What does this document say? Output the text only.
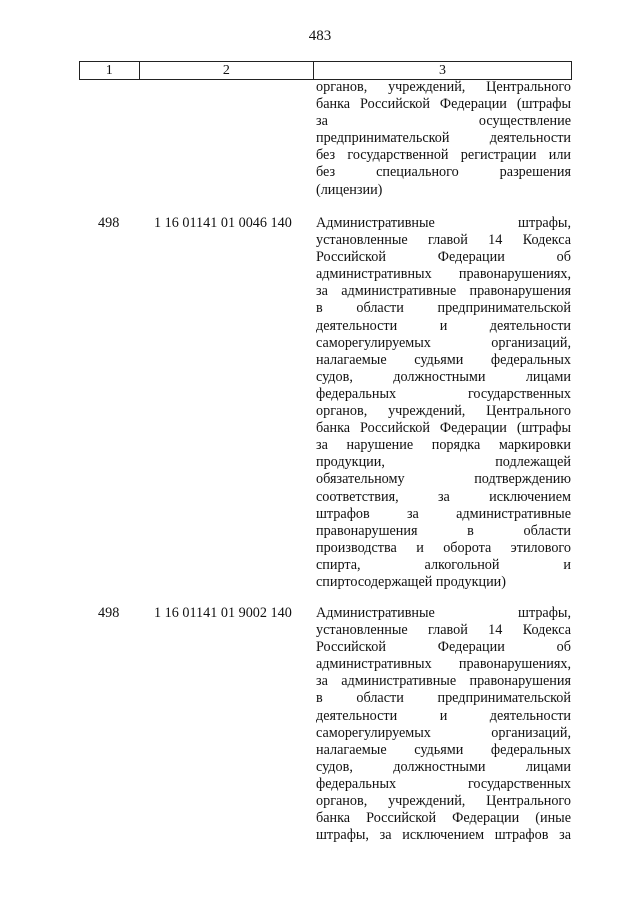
483
1	2	3
органов, учреждений, Центрального
банка Российской Федерации (штрафы
за осуществление
предпринимательской деятельности
без государственной регистрации или
без специального разрешения
(лицензии)
498 1 16 01141 01 0046 140 Административные штрафы,
установленные главой 14 Кодекса
Российской Федерации об
административных правонарушениях,
за административные правонарушения
в области предпринимательской
деятельности и деятельности
саморегулируемых организаций,
налагаемые судьями федеральных
судов, должностными лицами
федеральных государственных
органов, учреждений, Центрального
банка Российской Федерации (штрафы
за нарушение порядка маркировки
продукции, подлежащей
обязательному подтверждению
соответствия, за исключением
штрафов за административные
правонарушения в области
производства и оборота этилового
спирта, алкогольной и
спиртосодержащей продукции)
498 1 16 01141 01 9002 140 Административные штрафы,
установленные главой 14 Кодекса
Российской Федерации об
административных правонарушениях,
за административные правонарушения
в области предпринимательской
деятельности и деятельности
саморегулируемых организаций,
налагаемые судьями федеральных
судов, должностными лицами
федеральных государственных
органов, учреждений, Центрального
банка Российской Федерации (иные
штрафы, за исключением штрафов за
